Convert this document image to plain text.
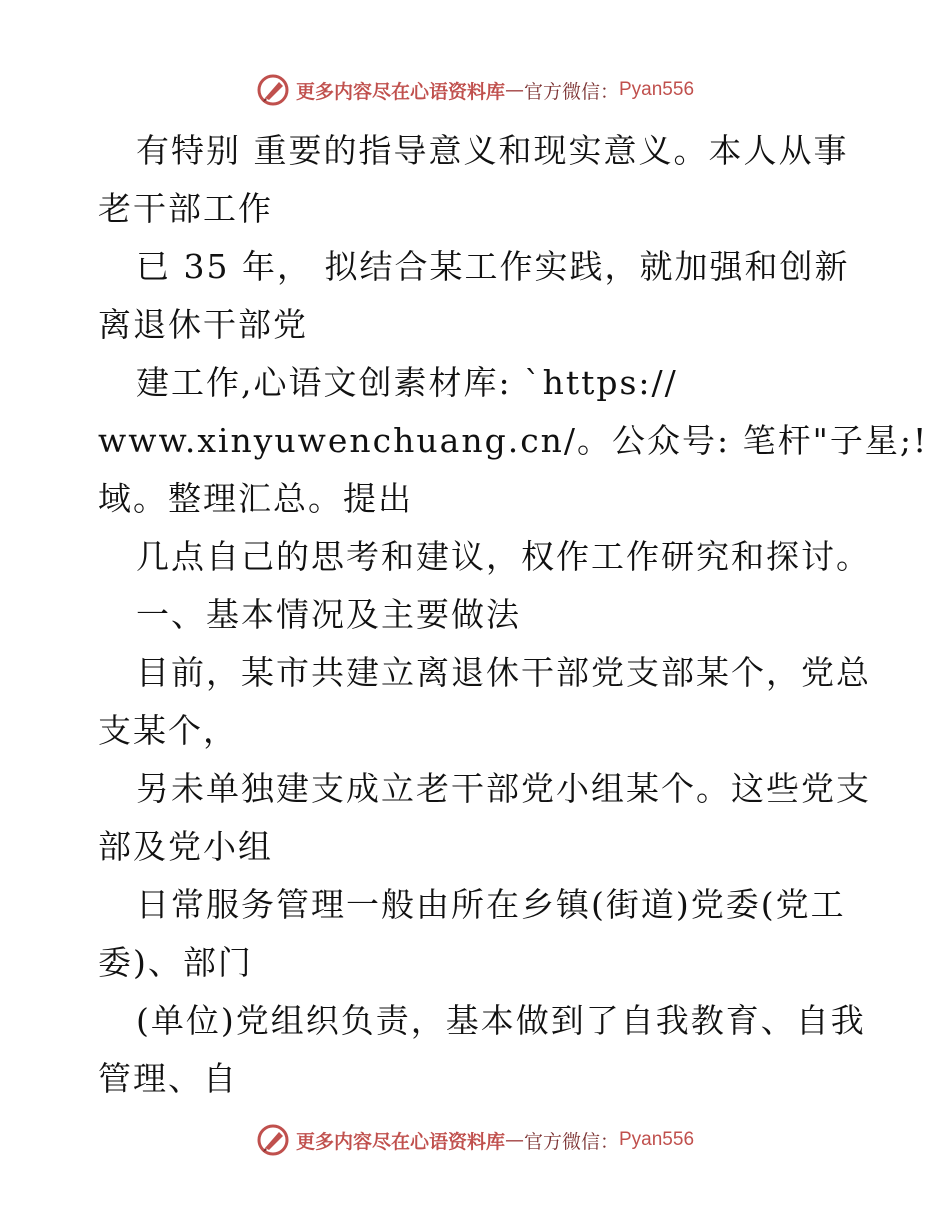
更多内容尽在心语资料库 — 官方微信： Pyan556
有特别 重要的指导意义和现实意义。本人从事
老干部工作
已 35 年， 拟结合某工作实践，就加强和创新
离退休干部党
建工作,心语文创素材库: `https://
www.xinyuwenchuang.cn/。公众号: 笔杆"子星;!
域。整理汇总。提出
几点自己的思考和建议，权作工作研究和探讨。
一、基本情况及主要做法
目前，某市共建立离退休干部党支部某个，党总
支某个，
另未单独建支成立老干部党小组某个。这些党支
部及党小组
日常服务管理一般由所在乡镇(街道)党委(党工
委)、部门
(单位)党组织负责，基本做到了自我教育、自我
管理、自
更多内容尽在心语资料库 — 官方微信： Pyan556
